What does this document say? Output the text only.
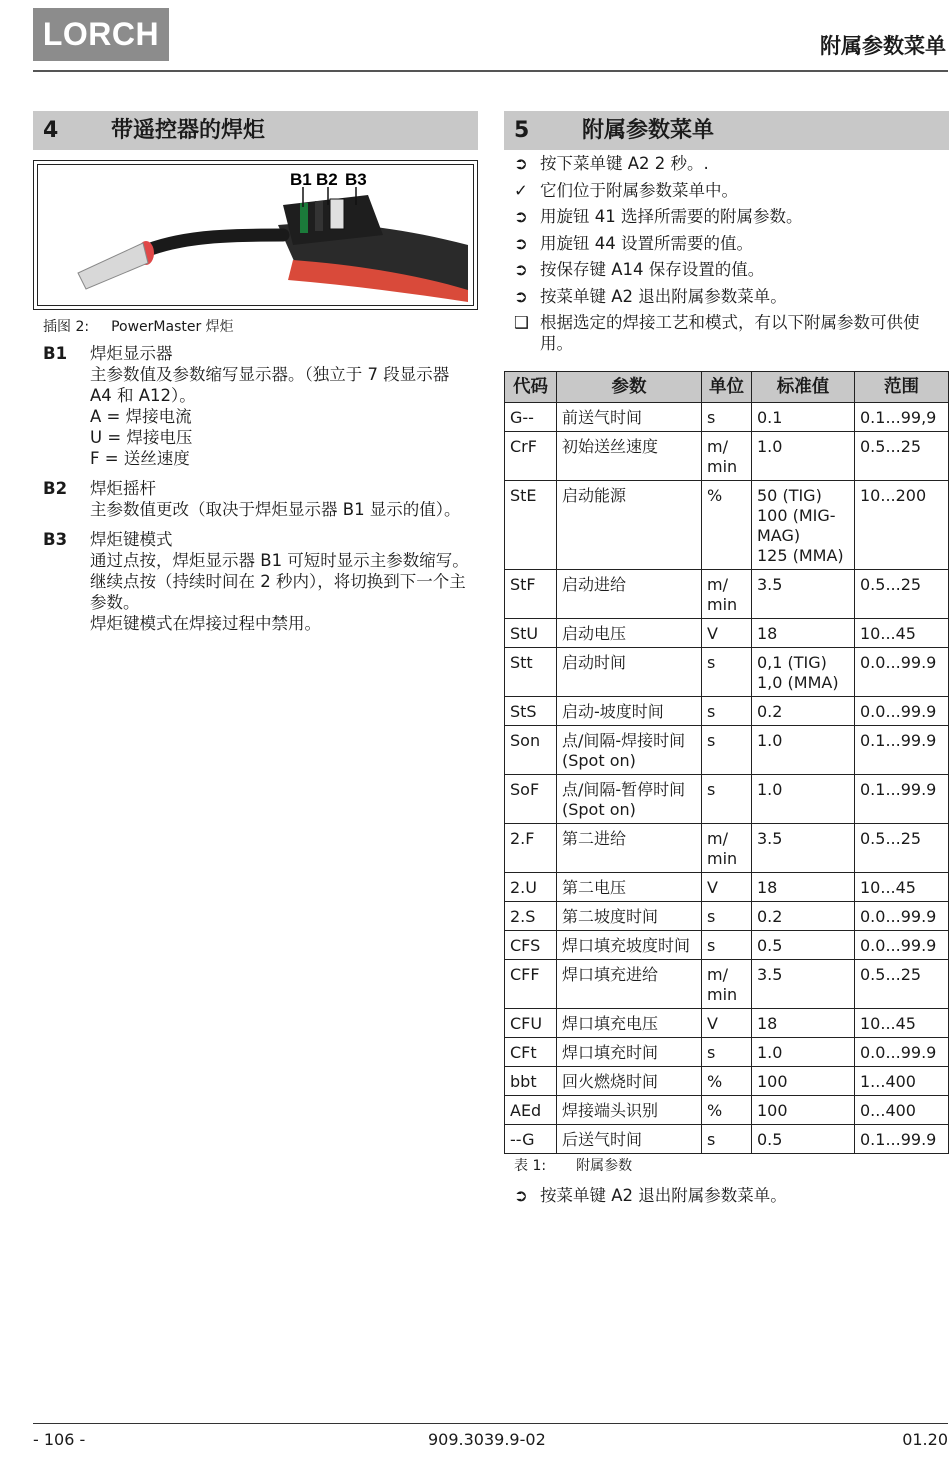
LORCH	附属参数菜单
4 带遥控器的焊炬
B1 B2 B3
插图 2: PowerMaster 焊炬
B1 焊炬显示器
主参数值及参数缩写显示器。（独立于 7 段显示器 A4 和 A12）。
A = 焊接电流
U = 焊接电压
F = 送丝速度
B2 焊炬摇杆
主参数值更改（取决于焊炬显示器 B1 显示的值）。
B3 焊炬键模式
通过点按，焊炬显示器 B1 可短时显示主参数缩写。
继续点按（持续时间在 2 秒内），将切换到下一个主参数。
焊炬键模式在焊接过程中禁用。
5 附属参数菜单
➲ 按下菜单键 A2 2 秒。.
✓ 它们位于附属参数菜单中。
➲ 用旋钮 41 选择所需要的附属参数。
➲ 用旋钮 44 设置所需要的值。
➲ 按保存键 A14 保存设置的值。
➲ 按菜单键 A2 退出附属参数菜单。
❑ 根据选定的焊接工艺和模式，有以下附属参数可供使用。
代码	参数	单位	标准值	范围
G--	前送气时间	s	0.1	0.1...99,9
CrF	初始送丝速度	m/
min	1.0	0.5...25
StE	启动能源	%	50 (TIG)
100 (MIG-
MAG)
125 (MMA)	10...200
StF	启动进给	m/
min	3.5	0.5...25
StU	启动电压	V	18	10...45
Stt	启动时间	s	0,1 (TIG)
1,0 (MMA)	0.0...99.9
StS	启动-坡度时间	s	0.2	0.0...99.9
Son	点/间隔-焊接时间
(Spot on)	s	1.0	0.1...99.9
SoF	点/间隔-暂停时间
(Spot on)	s	1.0	0.1...99.9
2.F	第二进给	m/
min	3.5	0.5...25
2.U	第二电压	V	18	10...45
2.S	第二坡度时间	s	0.2	0.0...99.9
CFS	焊口填充坡度时间	s	0.5	0.0...99.9
CFF	焊口填充进给	m/
min	3.5	0.5...25
CFU	焊口填充电压	V	18	10...45
CFt	焊口填充时间	s	1.0	0.0...99.9
bbt	回火燃烧时间	%	100	1...400
AEd	焊接端头识别	%	100	0...400
--G	后送气时间	s	0.5	0.1...99.9
表 1: 附属参数
➲ 按菜单键 A2 退出附属参数菜单。
- 106 -	909.3039.9-02	01.20
